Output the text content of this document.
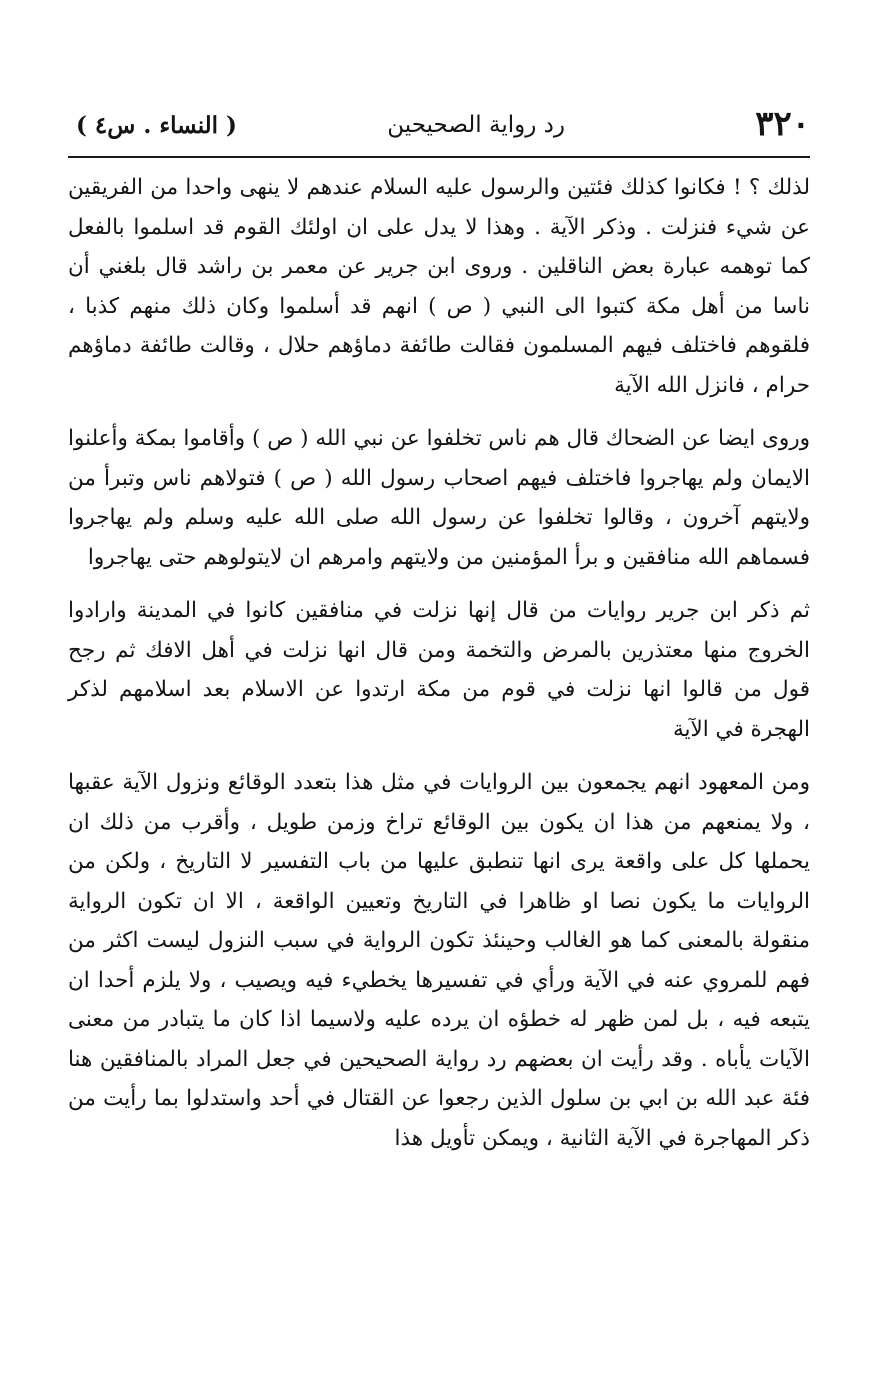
٣٢٠
رد رواية الصحيحين
( النساء . س٤ )

لذلك ؟ ! فكانوا كذلك فئتين والرسول عليه السلام عندهم لا ينهى واحدا من الفريقين عن شيء فنزلت . وذكر الآية . وهذا لا يدل على ان اولئك القوم قد اسلموا بالفعل كما توهمه عبارة بعض الناقلين . وروى ابن جرير عن معمر بن راشد قال بلغني أن ناسا من أهل مكة كتبوا الى النبي ( ص ) انهم قد أسلموا وكان ذلك منهم كذبا ، فلقوهم فاختلف فيهم المسلمون فقالت طائفة دماؤهم حلال ، وقالت طائفة دماؤهم حرام ، فانزل الله الآية

وروى ايضا عن الضحاك قال هم ناس تخلفوا عن نبي الله ( ص ) وأقاموا بمكة وأعلنوا الايمان ولم يهاجروا فاختلف فيهم اصحاب رسول الله ( ص ) فتولاهم ناس وتبرأ من ولايتهم آخرون ، وقالوا تخلفوا عن رسول الله صلى الله عليه وسلم ولم يهاجروا فسماهم الله منافقين و برأ المؤمنين من ولايتهم وامرهم ان لايتولوهم حتى يهاجروا

ثم ذكر ابن جرير روايات من قال إنها نزلت في منافقين كانوا في المدينة وارادوا الخروج منها معتذرين بالمرض والتخمة ومن قال انها نزلت في أهل الافك ثم رجح قول من قالوا انها نزلت في قوم من مكة ارتدوا عن الاسلام بعد اسلامهم لذكر الهجرة في الآية

ومن المعهود انهم يجمعون بين الروايات في مثل هذا بتعدد الوقائع ونزول الآية عقبها ، ولا يمنعهم من هذا ان يكون بين الوقائع تراخ وزمن طويل ، وأقرب من ذلك ان يحملها كل على واقعة يرى انها تنطبق عليها من باب التفسير لا التاريخ ، ولكن من الروايات ما يكون نصا او ظاهرا في التاريخ وتعيين الواقعة ، الا ان تكون الرواية منقولة بالمعنى كما هو الغالب وحينئذ تكون الرواية في سبب النزول ليست اكثر من فهم للمروي عنه في الآية ورأي في تفسيرها يخطيء فيه ويصيب ، ولا يلزم أحدا ان يتبعه فيه ، بل لمن ظهر له خطؤه ان يرده عليه ولاسيما اذا كان ما يتبادر من معنى الآيات يأباه . وقد رأيت ان بعضهم رد رواية الصحيحين في جعل المراد بالمنافقين هنا فئة عبد الله بن ابي بن سلول الذين رجعوا عن القتال في أحد واستدلوا بما رأيت من ذكر المهاجرة في الآية الثانية ، ويمكن تأويل هذا
